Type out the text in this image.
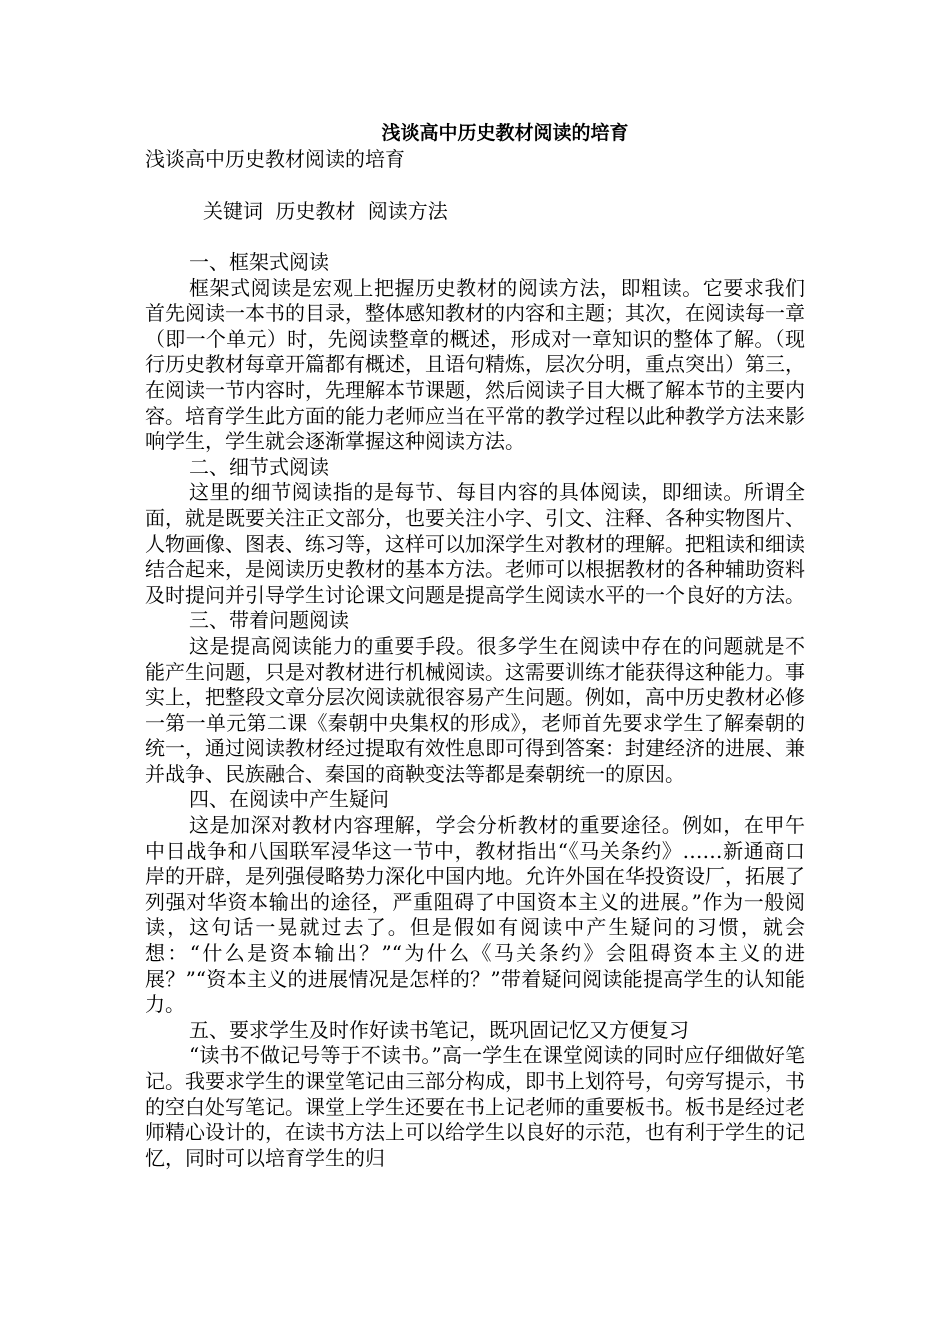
浅谈高中历史教材阅读的培育

浅谈高中历史教材阅读的培育

关键词 历史教材 阅读方法

一、框架式阅读

框架式阅读是宏观上把握历史教材的阅读方法，即粗读。它要求我们首先阅读一本书的目录，整体感知教材的内容和主题；其次，在阅读每一章（即一个单元）时，先阅读整章的概述，形成对一章知识的整体了解。（现行历史教材每章开篇都有概述，且语句精炼，层次分明，重点突出）第三，在阅读一节内容时，先理解本节课题，然后阅读子目大概了解本节的主要内容。培育学生此方面的能力老师应当在平常的教学过程以此种教学方法来影响学生，学生就会逐渐掌握这种阅读方法。

二、细节式阅读

这里的细节阅读指的是每节、每目内容的具体阅读，即细读。所谓全面，就是既要关注正文部分，也要关注小字、引文、注释、各种实物图片、人物画像、图表、练习等，这样可以加深学生对教材的理解。把粗读和细读结合起来，是阅读历史教材的基本方法。老师可以根据教材的各种辅助资料及时提问并引导学生讨论课文问题是提高学生阅读水平的一个良好的方法。

三、带着问题阅读

这是提高阅读能力的重要手段。很多学生在阅读中存在的问题就是不能产生问题，只是对教材进行机械阅读。这需要训练才能获得这种能力。事实上，把整段文章分层次阅读就很容易产生问题。例如，高中历史教材必修一第一单元第二课《秦朝中央集权的形成》，老师首先要求学生了解秦朝的统一，通过阅读教材经过提取有效性息即可得到答案：封建经济的进展、兼并战争、民族融合、秦国的商鞅变法等都是秦朝统一的原因。

四、在阅读中产生疑问

这是加深对教材内容理解，学会分析教材的重要途径。例如，在甲午中日战争和八国联军浸华这一节中，教材指出“《马关条约》……新通商口岸的开辟，是列强侵略势力深化中国内地。允许外国在华投资设厂，拓展了列强对华资本输出的途径，严重阻碍了中国资本主义的进展。”作为一般阅读，这句话一晃就过去了。但是假如有阅读中产生疑问的习惯，就会想：“什么是资本输出？”“为什么《马关条约》会阻碍资本主义的进展？”“资本主义的进展情况是怎样的？”带着疑问阅读能提高学生的认知能力。

五、要求学生及时作好读书笔记，既巩固记忆又方便复习

“读书不做记号等于不读书。”高一学生在课堂阅读的同时应仔细做好笔记。我要求学生的课堂笔记由三部分构成，即书上划符号，句旁写提示，书的空白处写笔记。课堂上学生还要在书上记老师的重要板书。板书是经过老师精心设计的，在读书方法上可以给学生以良好的示范，也有利于学生的记忆，同时可以培育学生的归
